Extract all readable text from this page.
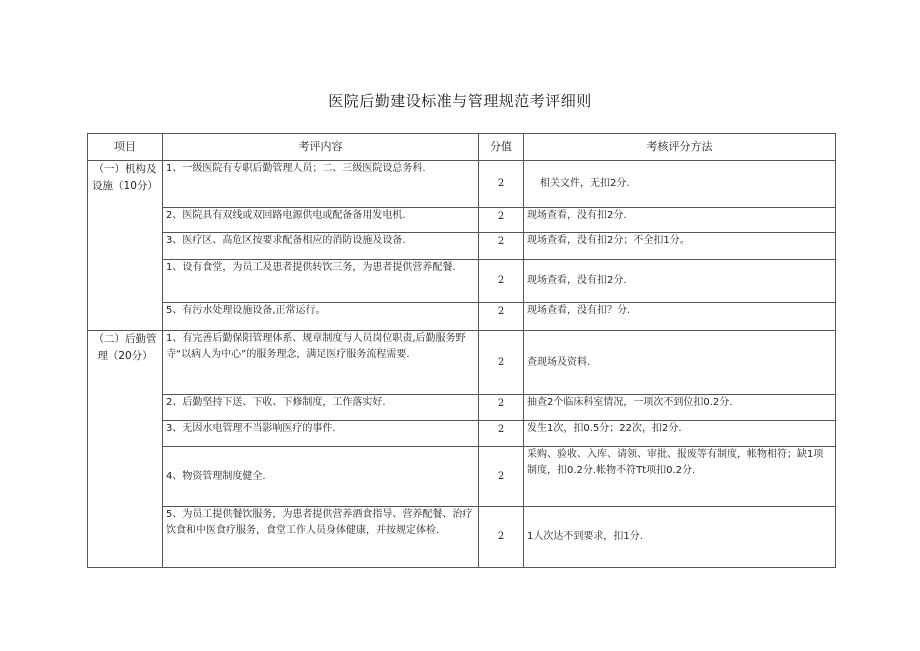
医院后勤建设标准与管理规范考评细则
项目	考评内容	分值	考核评分方法
（一）机构及设施（10分）	1、一级医院有专职后勤管理人员；二、三级医院设总务科.	2	相关文件，无扣2分.
	2、医院具有双线或双回路电源供电或配备备用发电机.	2	现场查看，没有扣2分.
	3、医疗区、高危区按要求配备相应的消防设施及设备.	2	现场查看，没有扣2分；不全扣1分。
	1、设有食堂，为员工及患者提供转饮三务，为患者提供营养配餐.	2	现场查看，没有扣2分.
	5、有污水处理设施设备,正常运行。	2	现场查看，没有扣？分.
（二）后勤管理（20分）	1、有完善后勤保阳管理体系、规章制度与人员岗位职责,后勤服务野寺“以病人为中心”的服务理念，满足医疗服务流程需要.	2	查现场及资料.
	2、后勤坚持下送、下收、下修制度，工作落实好.	2	抽查2个临床科室情况，一项次不到位扣0.2分.
	3、无因水电管理不当影响医疗的事件.	2	发生1次，扣0.5分；22次，扣2分.
	4、物资管理制度健全.	2	采购、验收、入库、请领、审批、报废等有制度，帐物相符；缺1项制度，扣0.2分.帐物不符Tt项扣0.2分.
	5、为员工提供餐饮服务，为患者提供营养酒食指导、营养配餐、治疗饮食和中医食疗服务，食堂工作人员身体健康，并按规定体检.	2	1人次达不到要求，扣1分.
